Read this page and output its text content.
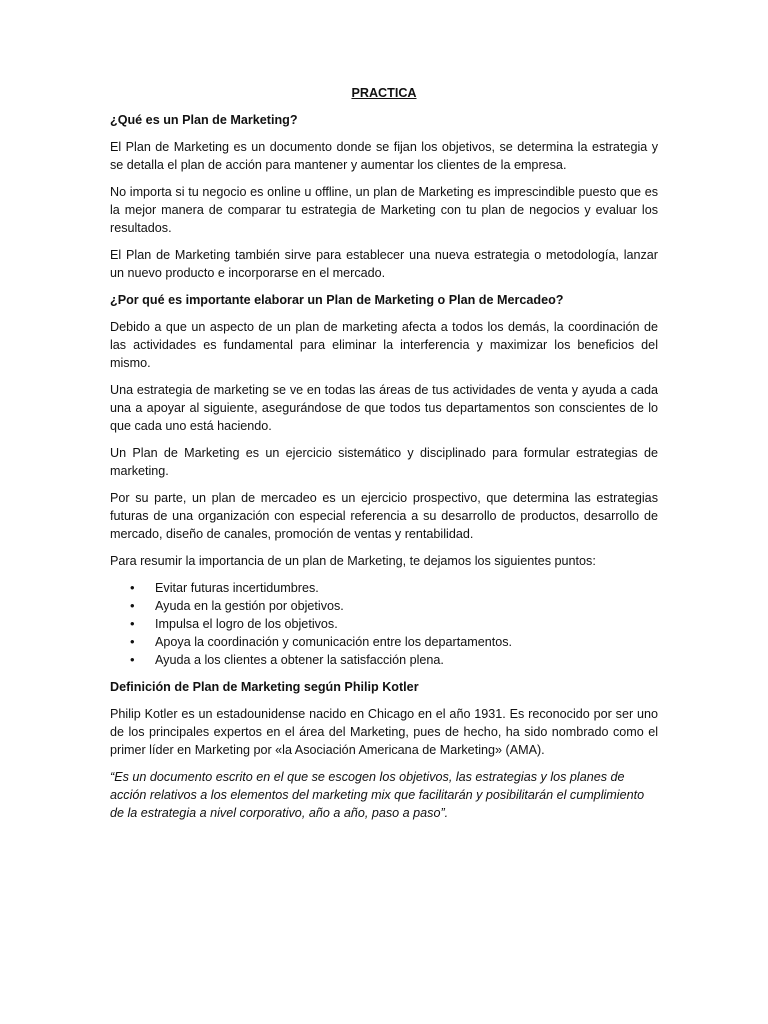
PRACTICA
¿Qué es un Plan de Marketing?
El Plan de Marketing es un documento donde se fijan los objetivos, se determina la estrategia y se detalla el plan de acción para mantener y aumentar los clientes de la empresa.
No importa si tu negocio es online u offline, un plan de Marketing es imprescindible puesto que es la mejor manera de comparar tu estrategia de Marketing con tu plan de negocios y evaluar los resultados.
El Plan de Marketing también sirve para establecer una nueva estrategia o metodología, lanzar un nuevo producto e incorporarse en el mercado.
¿Por qué es importante elaborar un Plan de Marketing o Plan de Mercadeo?
Debido a que un aspecto de un plan de marketing afecta a todos los demás, la coordinación de las actividades es fundamental para eliminar la interferencia y maximizar los beneficios del mismo.
Una estrategia de marketing se ve en todas las áreas de tus actividades de venta y ayuda a cada una a apoyar al siguiente, asegurándose de que todos tus departamentos son conscientes de lo que cada uno está haciendo.
Un Plan de Marketing es un ejercicio sistemático y disciplinado para formular estrategias de marketing.
Por su parte, un plan de mercadeo es un ejercicio prospectivo, que determina las estrategias futuras de una organización con especial referencia a su desarrollo de productos, desarrollo de mercado, diseño de canales, promoción de ventas y rentabilidad.
Para resumir la importancia de un plan de Marketing, te dejamos los siguientes puntos:
• Evitar futuras incertidumbres.
• Ayuda en la gestión por objetivos.
• Impulsa el logro de los objetivos.
• Apoya la coordinación y comunicación entre los departamentos.
• Ayuda a los clientes a obtener la satisfacción plena.
Definición de Plan de Marketing según Philip Kotler
Philip Kotler es un estadounidense nacido en Chicago en el año 1931. Es reconocido por ser uno de los principales expertos en el área del Marketing, pues de hecho, ha sido nombrado como el primer líder en Marketing por «la Asociación Americana de Marketing» (AMA).
“Es un documento escrito en el que se escogen los objetivos, las estrategias y los planes de acción relativos a los elementos del marketing mix que facilitarán y posibilitarán el cumplimiento de la estrategia a nivel corporativo, año a año, paso a paso”.
